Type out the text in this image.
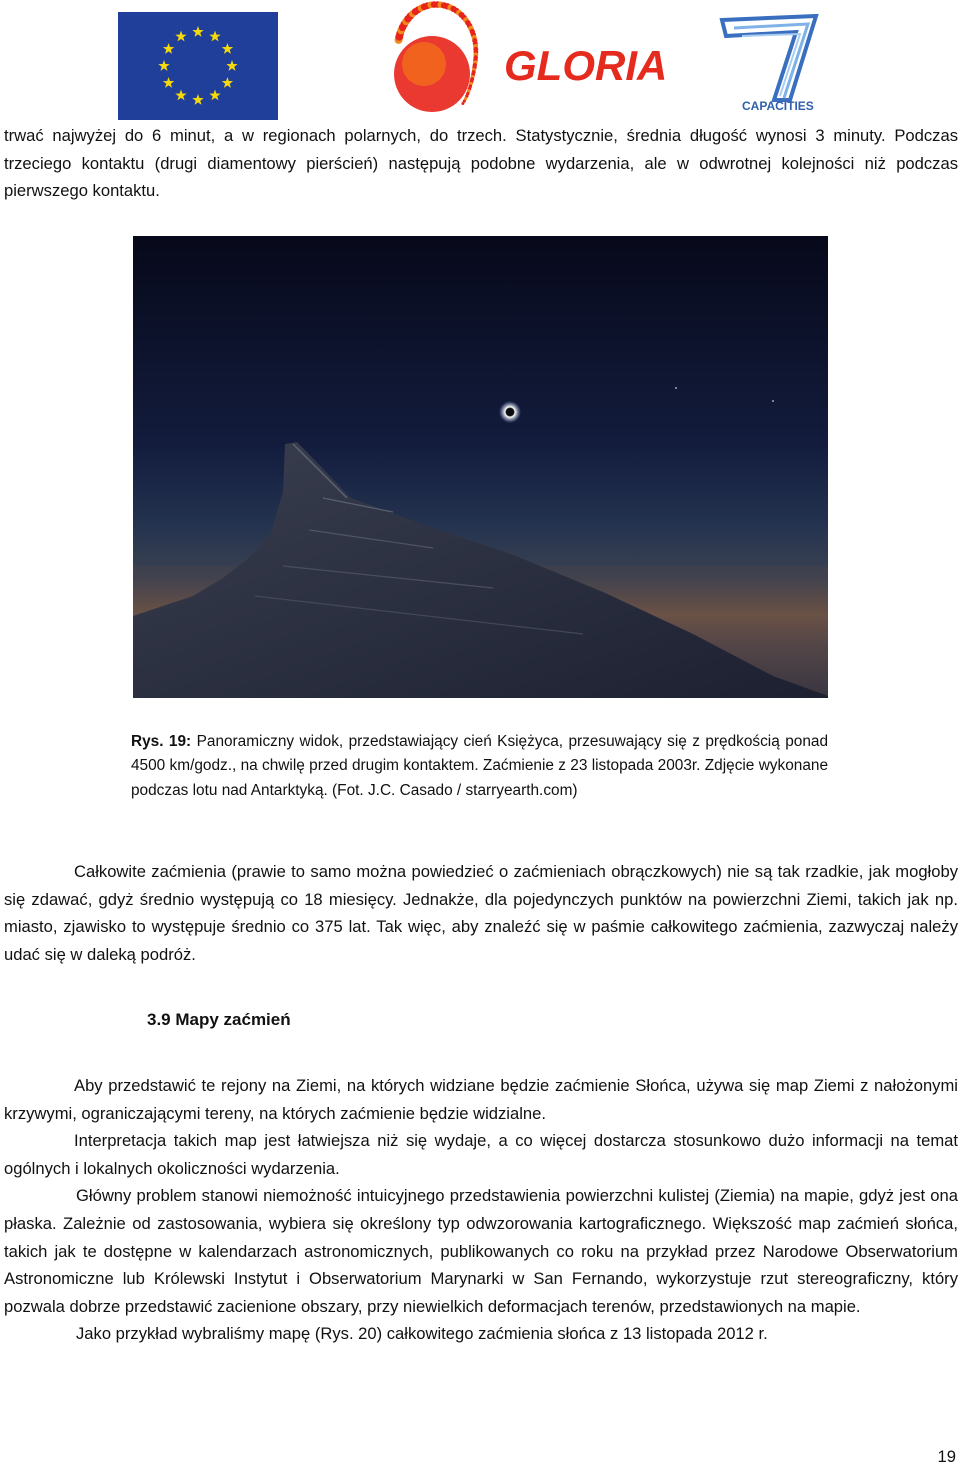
GLORIA
CAPACITIES

trwać najwyżej do 6 minut, a w regionach polarnych, do trzech. Statystycznie, średnia długość wynosi 3 minuty. Podczas trzeciego kontaktu (drugi diamentowy pierścień) następują podobne wydarzenia, ale w odwrotnej kolejności niż podczas pierwszego kontaktu.

Rys. 19: Panoramiczny widok, przedstawiający cień Księżyca, przesuwający się z prędkością ponad 4500 km/godz., na chwilę przed drugim kontaktem. Zaćmienie z 23 listopada 2003r. Zdjęcie wykonane podczas lotu nad Antarktyką. (Fot. J.C. Casado / starryearth.com)

Całkowite zaćmienia (prawie to samo można powiedzieć o zaćmieniach obrączkowych) nie są tak rzadkie, jak mogłoby się zdawać, gdyż średnio występują co 18 miesięcy. Jednakże, dla pojedynczych punktów na powierzchni Ziemi, takich jak np. miasto, zjawisko to występuje średnio co 375 lat. Tak więc, aby znaleźć się w paśmie całkowitego zaćmienia, zazwyczaj należy udać się w daleką podróż.

3.9 Mapy zaćmień

Aby przedstawić te rejony na Ziemi, na których widziane będzie zaćmienie Słońca, używa się map Ziemi z nałożonymi krzywymi, ograniczającymi tereny, na których zaćmienie będzie widzialne.

Interpretacja takich map jest łatwiejsza niż się wydaje, a co więcej dostarcza stosunkowo dużo informacji na temat ogólnych i lokalnych okoliczności wydarzenia.

Główny problem stanowi niemożność intuicyjnego przedstawienia powierzchni kulistej (Ziemia) na mapie, gdyż jest ona płaska. Zależnie od zastosowania, wybiera się określony typ odwzorowania kartograficznego. Większość map zaćmień słońca, takich jak te dostępne w kalendarzach astronomicznych, publikowanych co roku na przykład przez Narodowe Obserwatorium Astronomiczne lub Królewski Instytut i Obserwatorium Marynarki w San Fernando, wykorzystuje rzut stereograficzny, który pozwala dobrze przedstawić zacienione obszary, przy niewielkich deformacjach terenów, przedstawionych na mapie.

Jako przykład wybraliśmy mapę (Rys. 20) całkowitego zaćmienia słońca z 13 listopada 2012 r.

19
